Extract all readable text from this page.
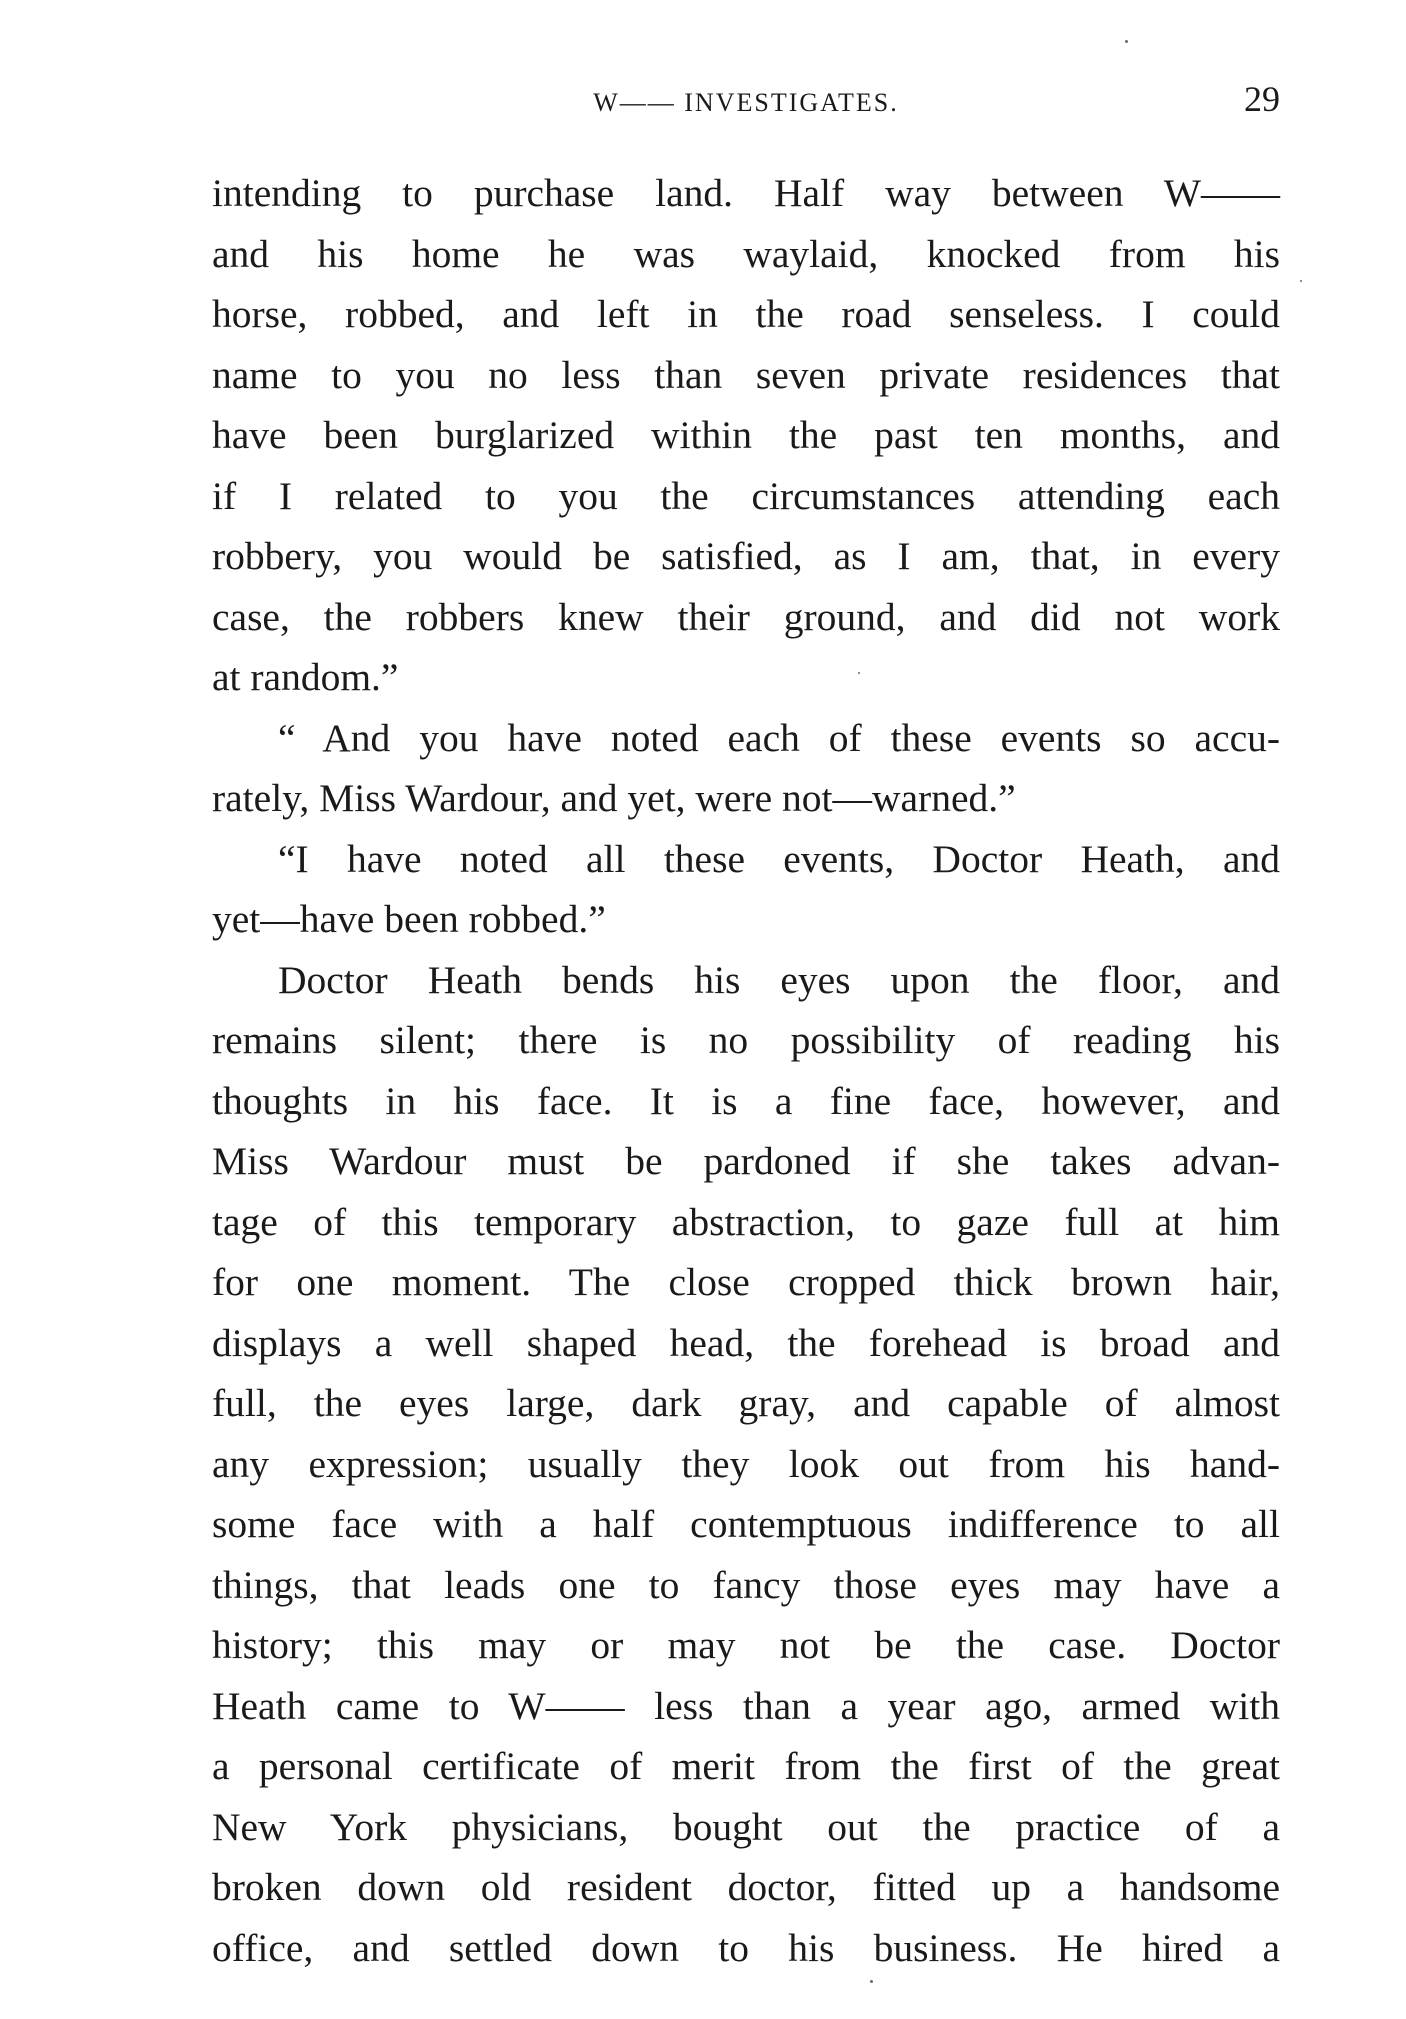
W—— INVESTIGATES.	29
intending to purchase land. Half way between W——
and his home he was waylaid, knocked from his
horse, robbed, and left in the road senseless. I could
name to you no less than seven private residences that
have been burglarized within the past ten months, and
if I related to you the circumstances attending each
robbery, you would be satisfied, as I am, that, in every
case, the robbers knew their ground, and did not work
at random.”
“ And you have noted each of these events so accu-
rately, Miss Wardour, and yet, were not—warned.”
“I have noted all these events, Doctor Heath, and
yet—have been robbed.”
Doctor Heath bends his eyes upon the floor, and
remains silent; there is no possibility of reading his
thoughts in his face. It is a fine face, however, and
Miss Wardour must be pardoned if she takes advan-
tage of this temporary abstraction, to gaze full at him
for one moment. The close cropped thick brown hair,
displays a well shaped head, the forehead is broad and
full, the eyes large, dark gray, and capable of almost
any expression; usually they look out from his hand-
some face with a half contemptuous indifference to all
things, that leads one to fancy those eyes may have a
history; this may or may not be the case. Doctor
Heath came to W—— less than a year ago, armed with
a personal certificate of merit from the first of the great
New York physicians, bought out the practice of a
broken down old resident doctor, fitted up a handsome
office, and settled down to his business. He hired a
